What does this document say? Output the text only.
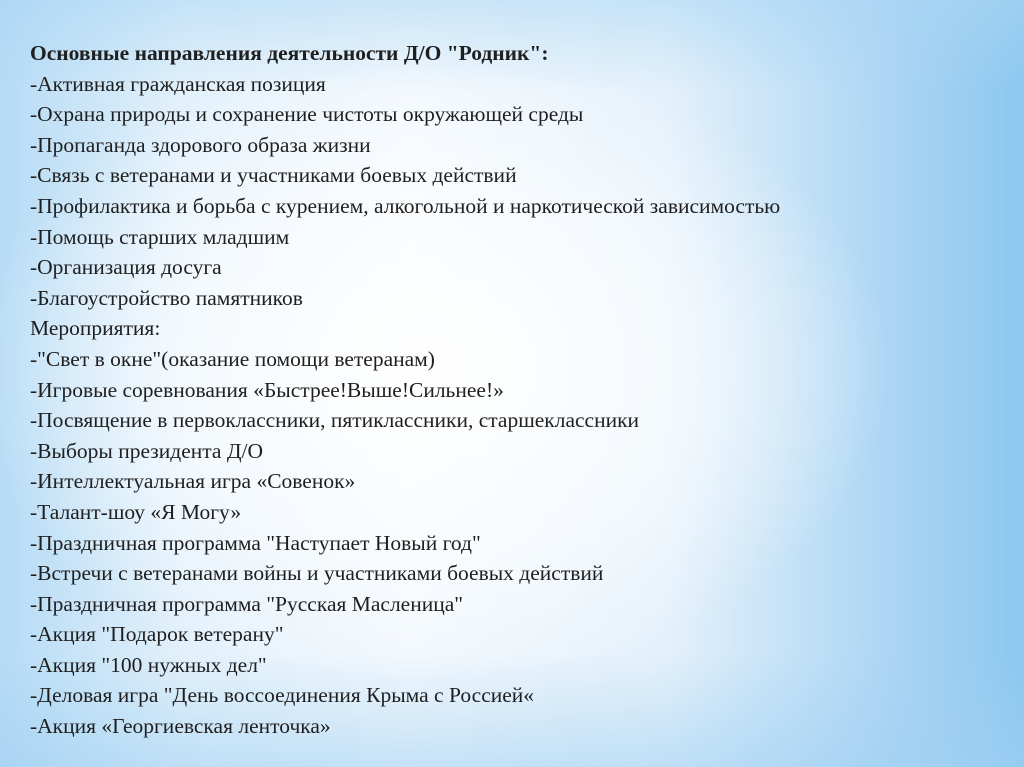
Основные направления деятельности Д/О "Родник":
-Активная гражданская позиция
-Охрана природы и сохранение чистоты окружающей среды
-Пропаганда здорового образа жизни
-Связь с ветеранами и участниками боевых действий
-Профилактика и борьба с курением, алкогольной и наркотической зависимостью
-Помощь старших младшим
-Организация досуга
-Благоустройство памятников
Мероприятия:
-"Свет в окне"(оказание помощи ветеранам)
-Игровые соревнования «Быстрее!Выше!Сильнее!»
-Посвящение в первоклассники, пятиклассники, старшеклассники
-Выборы президента Д/О
-Интеллектуальная игра «Совенок»
-Талант-шоу «Я Могу»
-Праздничная программа "Наступает Новый год"
-Встречи с ветеранами войны и участниками боевых действий
-Праздничная программа "Русская Масленица"
-Акция "Подарок ветерану"
-Акция "100 нужных дел"
-Деловая игра "День воссоединения Крыма с Россией«
-Акция «Георгиевская ленточка»
